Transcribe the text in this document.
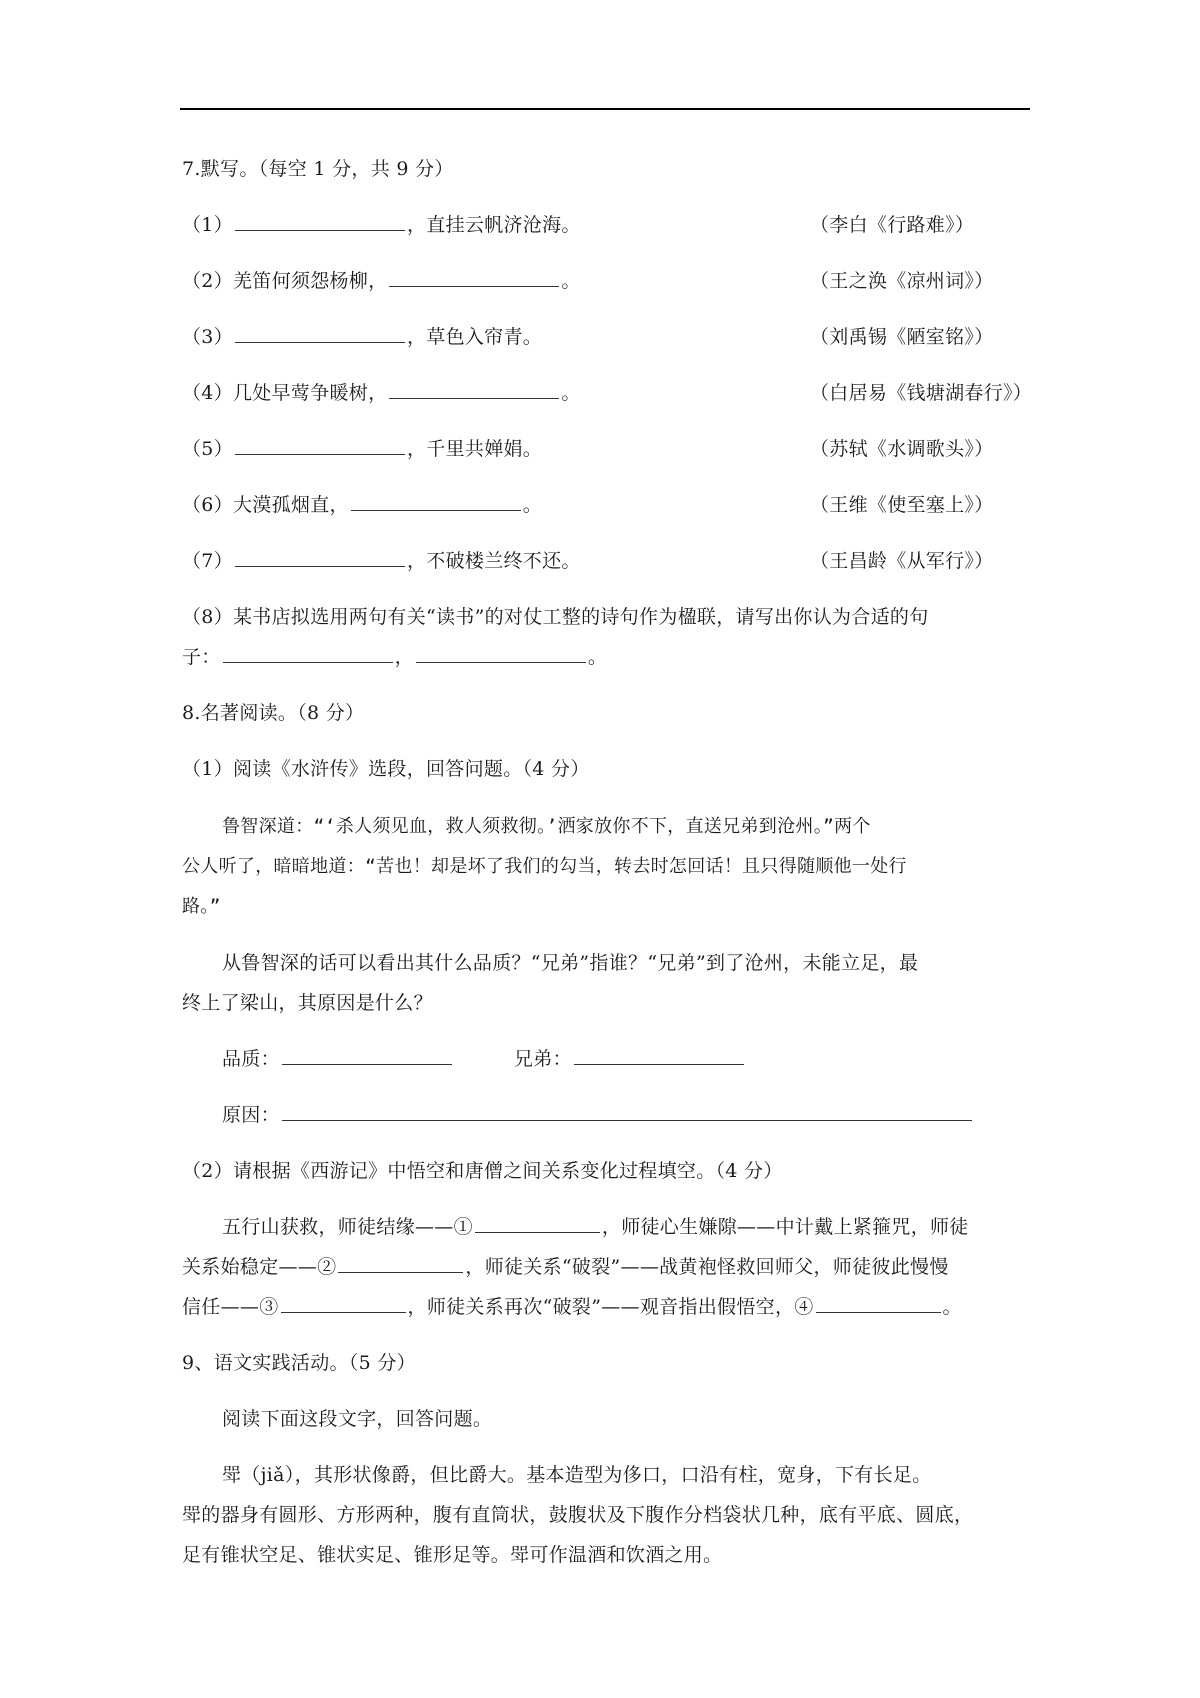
7.默写。（每空 1 分，共 9 分）
（1）	，直挂云帆济沧海。	（李白《行路难》）
（2）羌笛何须怨杨柳，	。	（王之涣《凉州词》）
（3）	，草色入帘青。	（刘禹锡《陋室铭》）
（4）几处早莺争暖树，	。	（白居易《钱塘湖春行》）
（5）	，千里共婵娟。	（苏轼《水调歌头》）
（6）大漠孤烟直，	。	（王维《使至塞上》）
（7）	，不破楼兰终不还。	（王昌龄《从军行》）
（8）某书店拟选用两句有关“读书”的对仗工整的诗句作为楹联，请写出你认为合适的句
子：	，	。
8.名著阅读。（8 分）
（1）阅读《水浒传》选段，回答问题。（4 分）
鲁智深道：“‘杀人须见血，救人须救彻。’洒家放你不下，直送兄弟到沧州。”两个
公人听了，暗暗地道：“苦也！却是坏了我们的勾当，转去时怎回话！且只得随顺他一处行
路。”
从鲁智深的话可以看出其什么品质？“兄弟”指谁？“兄弟”到了沧州，未能立足，最
终上了梁山，其原因是什么？
品质：	兄弟：
原因：
（2）请根据《西游记》中悟空和唐僧之间关系变化过程填空。（4 分）
五行山获救，师徒结缘——①	，师徒心生嫌隙——中计戴上紧箍咒，师徒
关系始稳定——②	，师徒关系“破裂”——战黄袍怪救回师父，师徒彼此慢慢
信任——③	，师徒关系再次“破裂”——观音指出假悟空，④	。
9、语文实践活动。（5 分）
阅读下面这段文字，回答问题。
斝（jiǎ），其形状像爵，但比爵大。基本造型为侈口，口沿有柱，宽身，下有长足。
斝的器身有圆形、方形两种，腹有直筒状，鼓腹状及下腹作分档袋状几种，底有平底、圆底，
足有锥状空足、锥状实足、锥形足等。斝可作温酒和饮酒之用。
